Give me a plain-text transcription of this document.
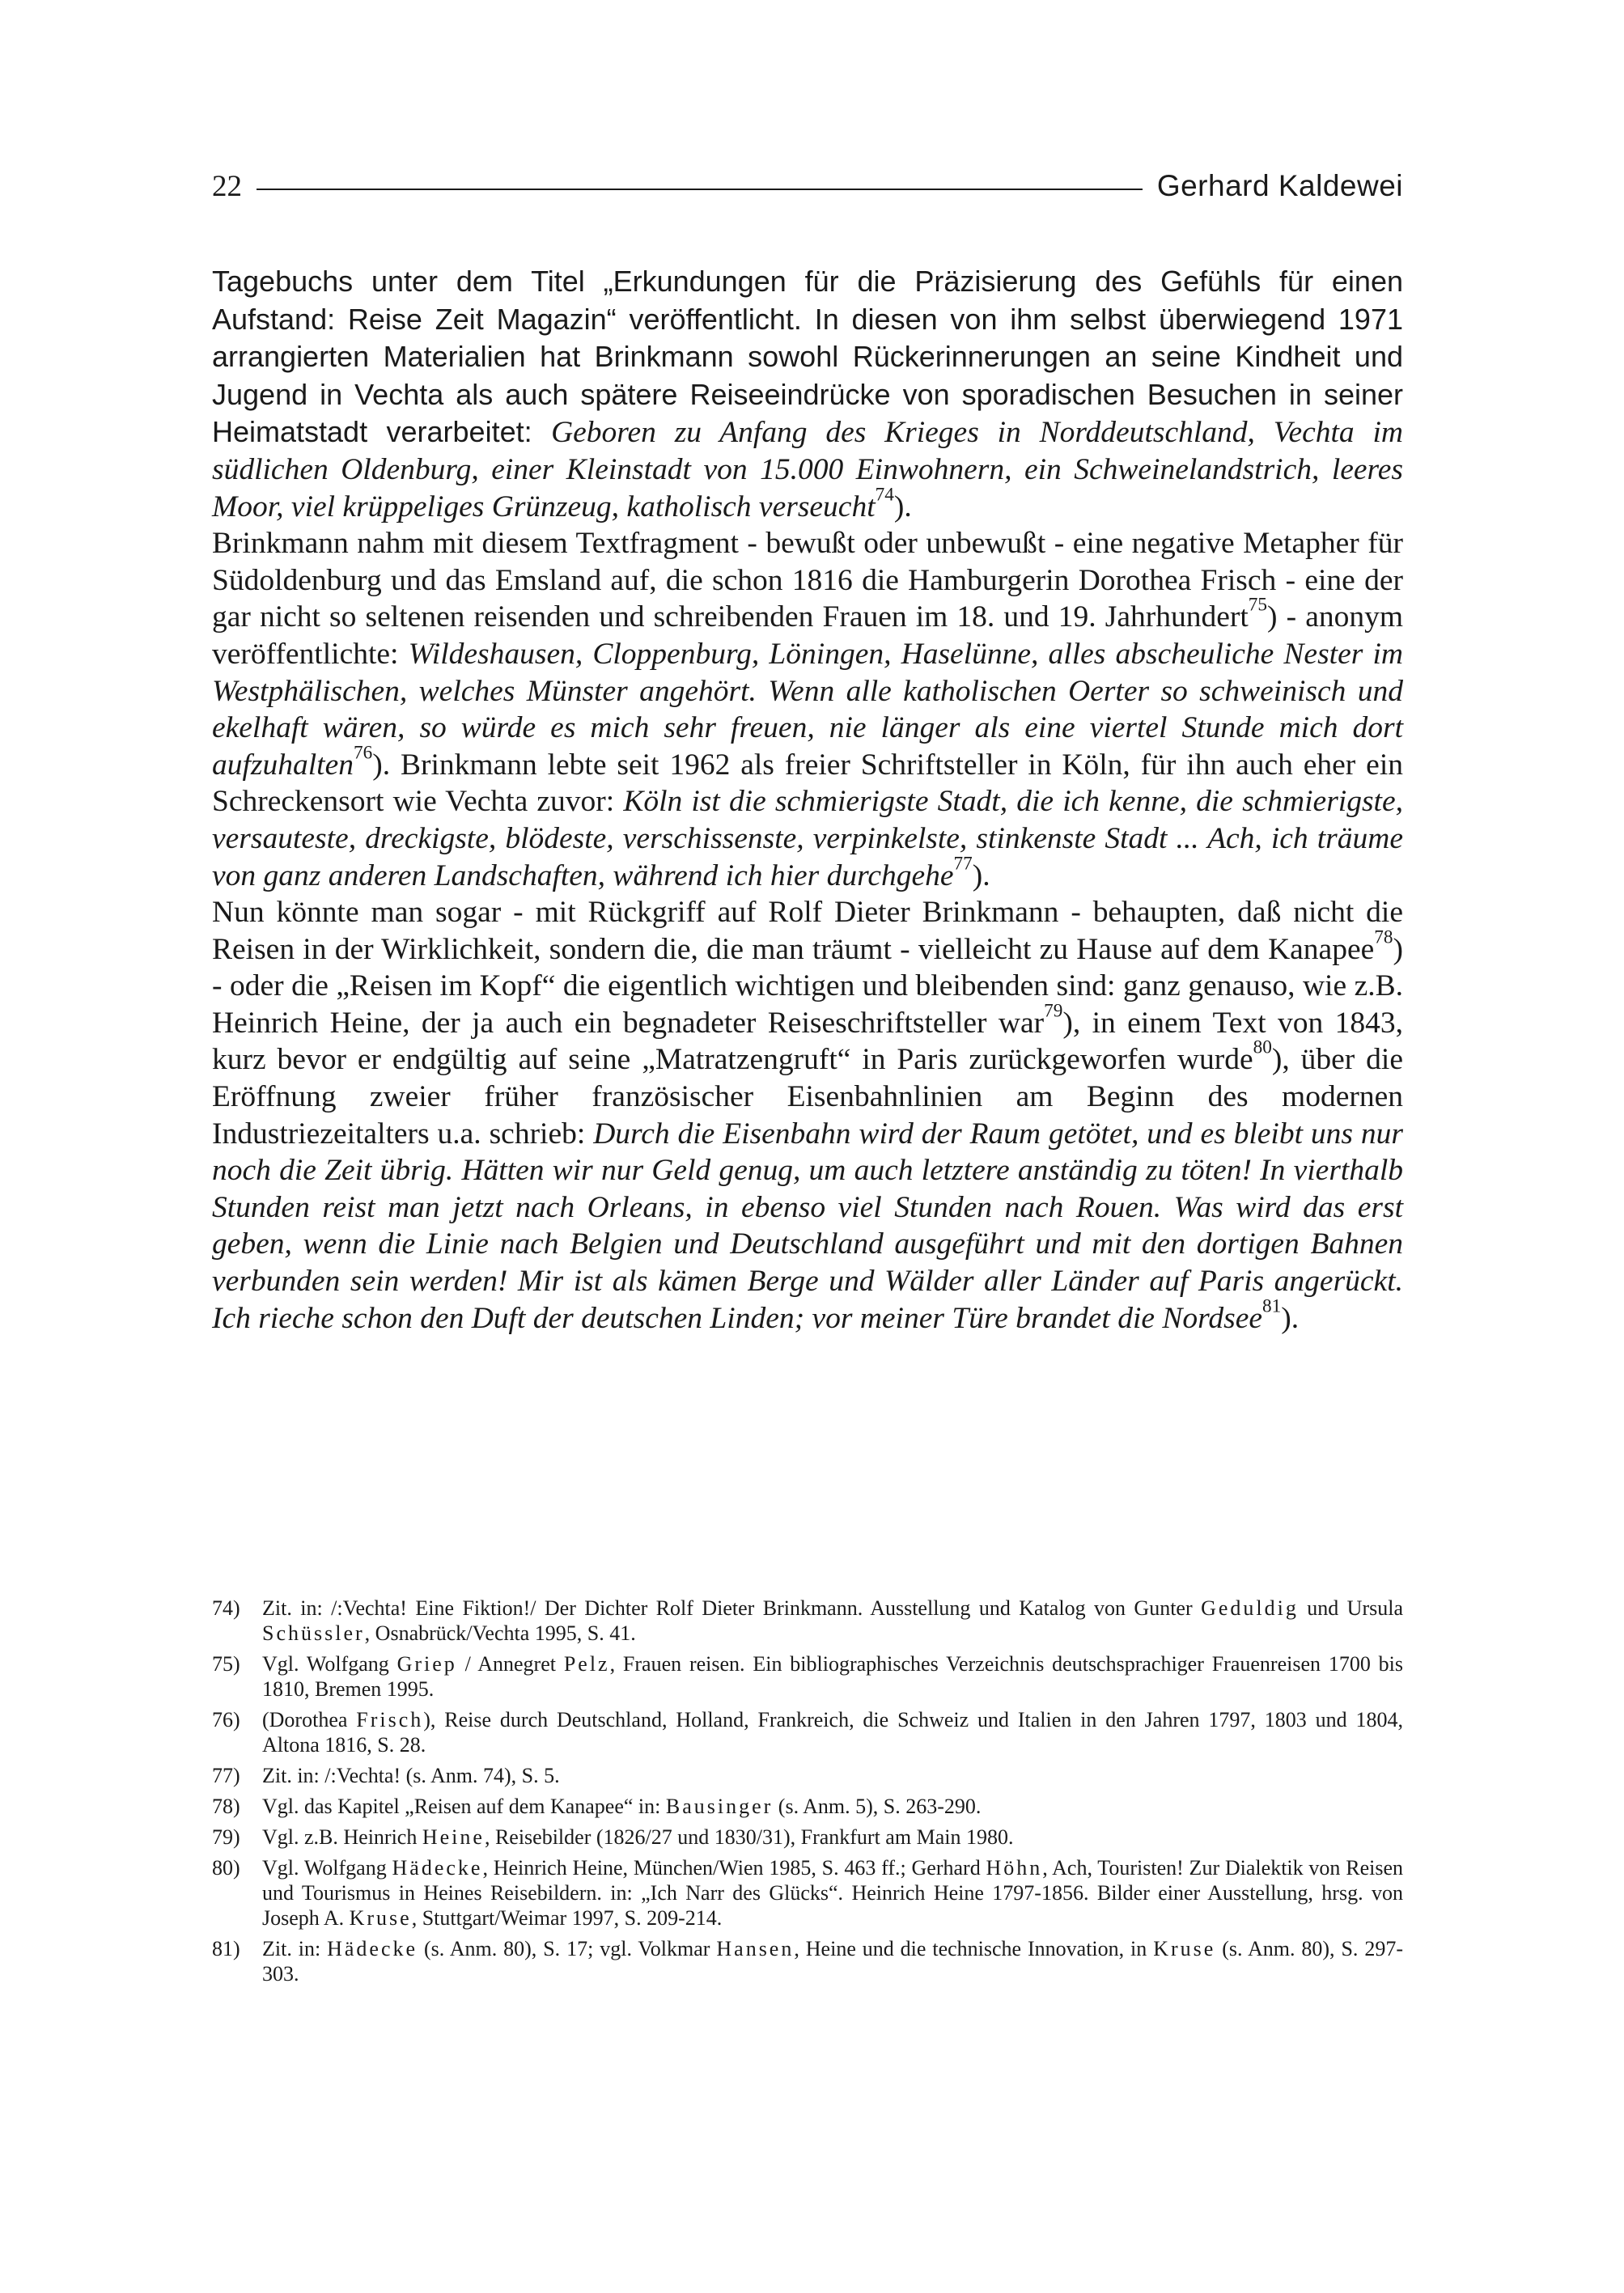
22	Gerhard Kaldewei

Tagebuchs unter dem Titel „Erkundungen für die Präzisierung des Gefühls für einen Aufstand: Reise Zeit Magazin“ veröffentlicht. In diesen von ihm selbst überwiegend 1971 arrangierten Materialien hat Brinkmann sowohl Rückerinnerungen an seine Kindheit und Jugend in Vechta als auch spätere Reiseeindrücke von sporadischen Besuchen in seiner Heimatstadt verarbeitet: Geboren zu Anfang des Krieges in Norddeutschland, Vechta im südlichen Oldenburg, einer Kleinstadt von 15.000 Einwohnern, ein Schweinelandstrich, leeres Moor, viel krüppeliges Grünzeug, katholisch verseucht$^{74}$).

Brinkmann nahm mit diesem Textfragment - bewußt oder unbewußt - eine negative Metapher für Südoldenburg und das Emsland auf, die schon 1816 die Hamburgerin Dorothea Frisch - eine der gar nicht so seltenen reisenden und schreibenden Frauen im 18. und 19. Jahrhundert$^{75}$) - anonym veröffentlichte: Wildeshausen, Cloppenburg, Löningen, Haselünne, alles abscheuliche Nester im Westphälischen, welches Münster angehört. Wenn alle katholischen Oerter so schweinisch und ekelhaft wären, so würde es mich sehr freuen, nie länger als eine viertel Stunde mich dort aufzuhalten$^{76}$). Brinkmann lebte seit 1962 als freier Schriftsteller in Köln, für ihn auch eher ein Schreckensort wie Vechta zuvor: Köln ist die schmierigste Stadt, die ich kenne, die schmierigste, versauteste, dreckigste, blödeste, verschissenste, verpinkelste, stinkenste Stadt ... Ach, ich träume von ganz anderen Landschaften, während ich hier durchgehe$^{77}$).

Nun könnte man sogar - mit Rückgriff auf Rolf Dieter Brinkmann - behaupten, daß nicht die Reisen in der Wirklichkeit, sondern die, die man träumt - vielleicht zu Hause auf dem Kanapee$^{78}$) - oder die „Reisen im Kopf“ die eigentlich wichtigen und bleibenden sind: ganz genauso, wie z.B. Heinrich Heine, der ja auch ein begnadeter Reiseschriftsteller war$^{79}$), in einem Text von 1843, kurz bevor er endgültig auf seine „Matratzengruft“ in Paris zurückgeworfen wurde$^{80}$), über die Eröffnung zweier früher französischer Eisenbahnlinien am Beginn des modernen Industriezeitalters u.a. schrieb: Durch die Eisenbahn wird der Raum getötet, und es bleibt uns nur noch die Zeit übrig. Hätten wir nur Geld genug, um auch letztere anständig zu töten! In vierthalb Stunden reist man jetzt nach Orleans, in ebenso viel Stunden nach Rouen. Was wird das erst geben, wenn die Linie nach Belgien und Deutschland ausgeführt und mit den dortigen Bahnen verbunden sein werden! Mir ist als kämen Berge und Wälder aller Länder auf Paris angerückt. Ich rieche schon den Duft der deutschen Linden; vor meiner Türe brandet die Nordsee$^{81}$).

74)	Zit. in: /:Vechta! Eine Fiktion!/ Der Dichter Rolf Dieter Brinkmann. Ausstellung und Katalog von Gunter Geduldig und Ursula Schüssler, Osnabrück/Vechta 1995, S. 41.
75)	Vgl. Wolfgang Griep / Annegret Pelz, Frauen reisen. Ein bibliographisches Verzeichnis deutschsprachiger Frauenreisen 1700 bis 1810, Bremen 1995.
76)	(Dorothea Frisch), Reise durch Deutschland, Holland, Frankreich, die Schweiz und Italien in den Jahren 1797, 1803 und 1804, Altona 1816, S. 28.
77)	Zit. in: /:Vechta! (s. Anm. 74), S. 5.
78)	Vgl. das Kapitel „Reisen auf dem Kanapee“ in: Bausinger (s. Anm. 5), S. 263-290.
79)	Vgl. z.B. Heinrich Heine, Reisebilder (1826/27 und 1830/31), Frankfurt am Main 1980.
80)	Vgl. Wolfgang Hädecke, Heinrich Heine, München/Wien 1985, S. 463 ff.; Gerhard Höhn, Ach, Touristen! Zur Dialektik von Reisen und Tourismus in Heines Reisebildern. in: „Ich Narr des Glücks“. Heinrich Heine 1797-1856. Bilder einer Ausstellung, hrsg. von Joseph A. Kruse, Stuttgart/Weimar 1997, S. 209-214.
81)	Zit. in: Hädecke (s. Anm. 80), S. 17; vgl. Volkmar Hansen, Heine und die technische Innovation, in Kruse (s. Anm. 80), S. 297-303.
